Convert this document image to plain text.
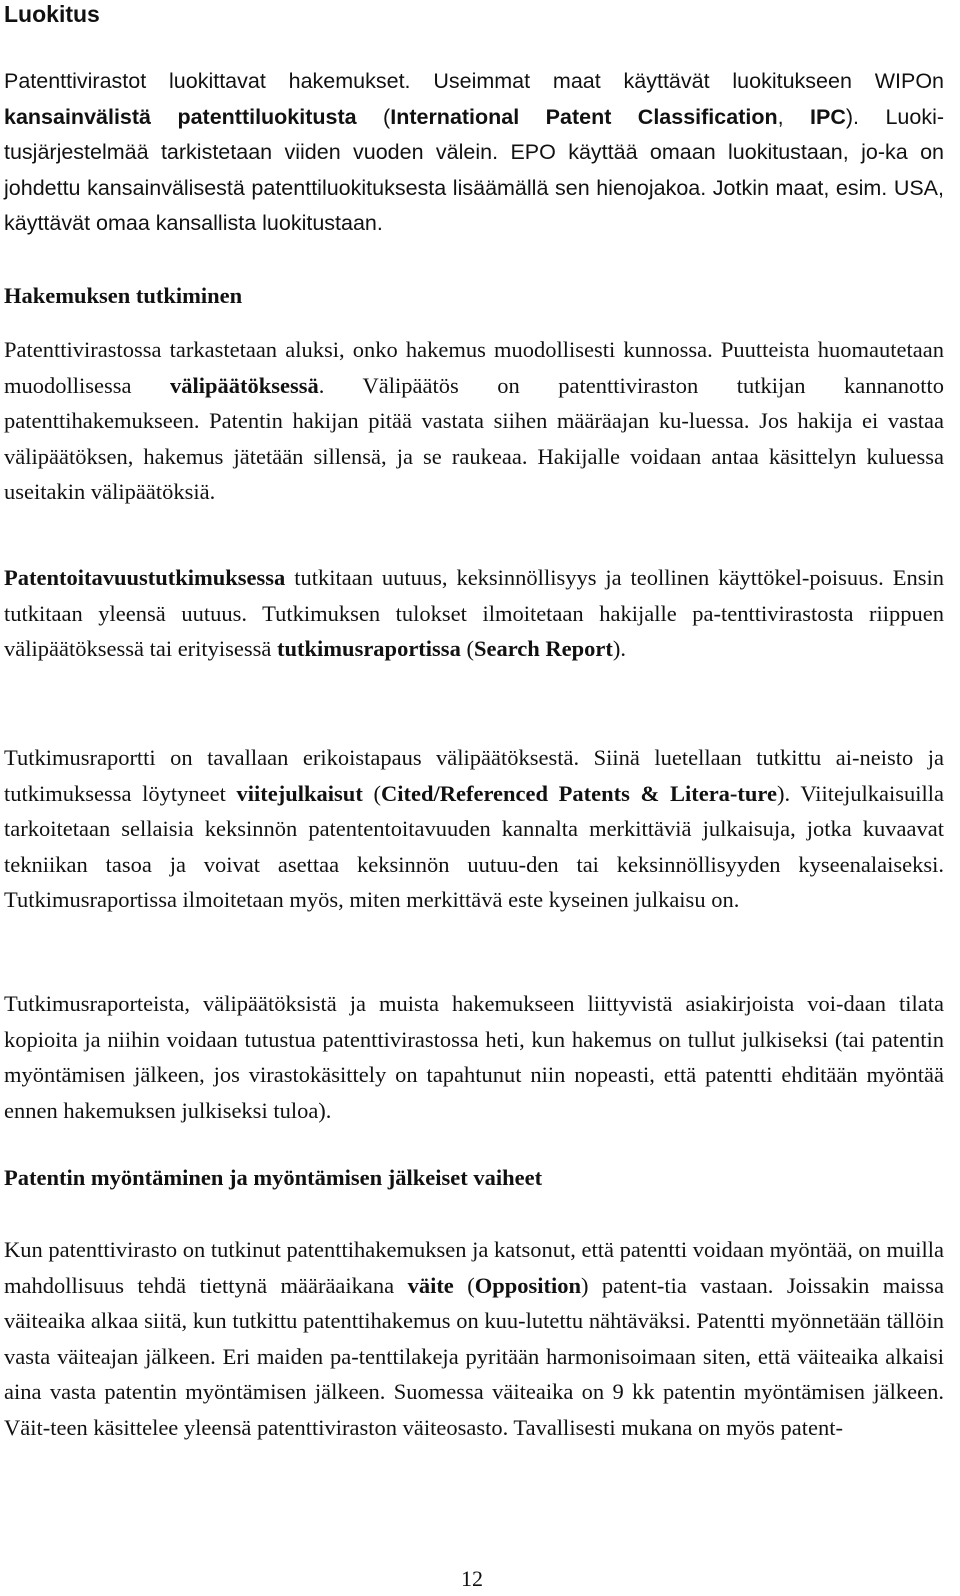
Luokitus

Patenttivirastot luokittavat hakemukset. Useimmat maat käyttävät luokitukseen WIPOn kansainvälistä patenttiluokitusta (International Patent Classification, IPC). Luoki-tusjärjestelmää tarkistetaan viiden vuoden välein. EPO käyttää omaan luokitustaan, jo-ka on johdettu kansainvälisestä patenttiluokituksesta lisäämällä sen hienojakoa. Jotkin maat, esim. USA, käyttävät omaa kansallista luokitustaan.

Hakemuksen tutkiminen

Patenttivirastossa tarkastetaan aluksi, onko hakemus muodollisesti kunnossa. Puutteista huomautetaan muodollisessa välipäätöksessä. Välipäätös on patenttiviraston tutkijan kannanotto patenttihakemukseen. Patentin hakijan pitää vastata siihen määräajan ku-luessa. Jos hakija ei vastaa välipäätöksen, hakemus jätetään sillensä, ja se raukeaa. Hakijalle voidaan antaa käsittelyn kuluessa useitakin välipäätöksiä.

Patentoitavuustutkimuksessa tutkitaan uutuus, keksinnöllisyys ja teollinen käyttökel-poisuus. Ensin tutkitaan yleensä uutuus. Tutkimuksen tulokset ilmoitetaan hakijalle pa-tenttivirastosta riippuen välipäätöksessä tai erityisessä tutkimusraportissa (Search Report).

Tutkimusraportti on tavallaan erikoistapaus välipäätöksestä. Siinä luetellaan tutkittu ai-neisto ja tutkimuksessa löytyneet viitejulkaisut (Cited/Referenced Patents & Litera-ture). Viitejulkaisuilla tarkoitetaan sellaisia keksinnön patententoitavuuden kannalta merkittäviä julkaisuja, jotka kuvaavat tekniikan tasoa ja voivat asettaa keksinnön uutuu-den tai keksinnöllisyyden kyseenalaiseksi. Tutkimusraportissa ilmoitetaan myös, miten merkittävä este kyseinen julkaisu on.

Tutkimusraporteista, välipäätöksistä ja muista hakemukseen liittyvistä asiakirjoista voi-daan tilata kopioita ja niihin voidaan tutustua patenttivirastossa heti, kun hakemus on tullut julkiseksi (tai patentin myöntämisen jälkeen, jos virastokäsittely on tapahtunut niin nopeasti, että patentti ehditään myöntää ennen hakemuksen julkiseksi tuloa).

Patentin myöntäminen ja myöntämisen jälkeiset vaiheet

Kun patenttivirasto on tutkinut patenttihakemuksen ja katsonut, että patentti voidaan myöntää, on muilla mahdollisuus tehdä tiettynä määräaikana väite (Opposition) patent-tia vastaan. Joissakin maissa väiteaika alkaa siitä, kun tutkittu patenttihakemus on kuu-lutettu nähtäväksi. Patentti myönnetään tällöin vasta väiteajan jälkeen. Eri maiden pa-tenttilakeja pyritään harmonisoimaan siten, että väiteaika alkaisi aina vasta patentin myöntämisen jälkeen. Suomessa väiteaika on 9 kk patentin myöntämisen jälkeen. Väit-teen käsittelee yleensä patenttiviraston väiteosasto. Tavallisesti mukana on myös patent-

12
